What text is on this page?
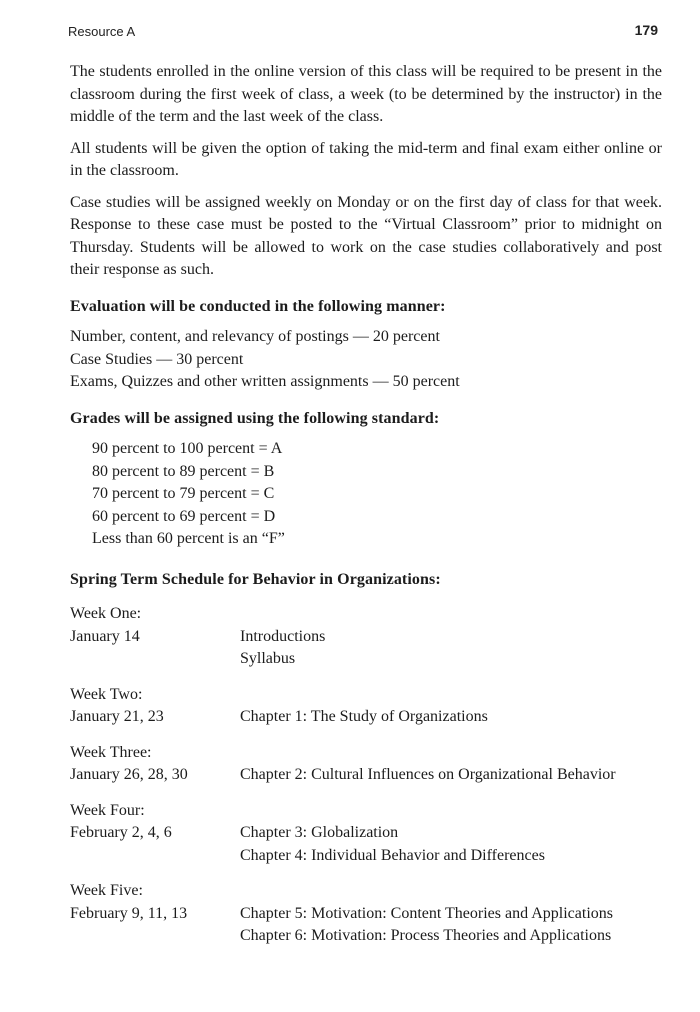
Resource A	179

The students enrolled in the online version of this class will be required to be present in the classroom during the first week of class, a week (to be determined by the instructor) in the middle of the term and the last week of the class.

All students will be given the option of taking the mid-term and final exam either online or in the classroom.

Case studies will be assigned weekly on Monday or on the first day of class for that week. Response to these case must be posted to the “Virtual Classroom” prior to midnight on Thursday. Students will be allowed to work on the case studies collaboratively and post their response as such.

Evaluation will be conducted in the following manner:
Number, content, and relevancy of postings — 20 percent
Case Studies — 30 percent
Exams, Quizzes and other written assignments — 50 percent
Grades will be assigned using the following standard:
90 percent to 100 percent = A
80 percent to 89 percent = B
70 percent to 79 percent = C
60 percent to 69 percent = D
Less than 60 percent is an “F”
Spring Term Schedule for Behavior in Organizations:
Week One:
January 14	Introductions
Syllabus
Week Two:
January 21, 23	Chapter 1: The Study of Organizations
Week Three:
January 26, 28, 30	Chapter 2: Cultural Influences on Organizational Behavior
Week Four:
February 2, 4, 6	Chapter 3: Globalization
Chapter 4: Individual Behavior and Differences
Week Five:
February 9, 11, 13	Chapter 5: Motivation: Content Theories and Applications
Chapter 6: Motivation: Process Theories and Applications
